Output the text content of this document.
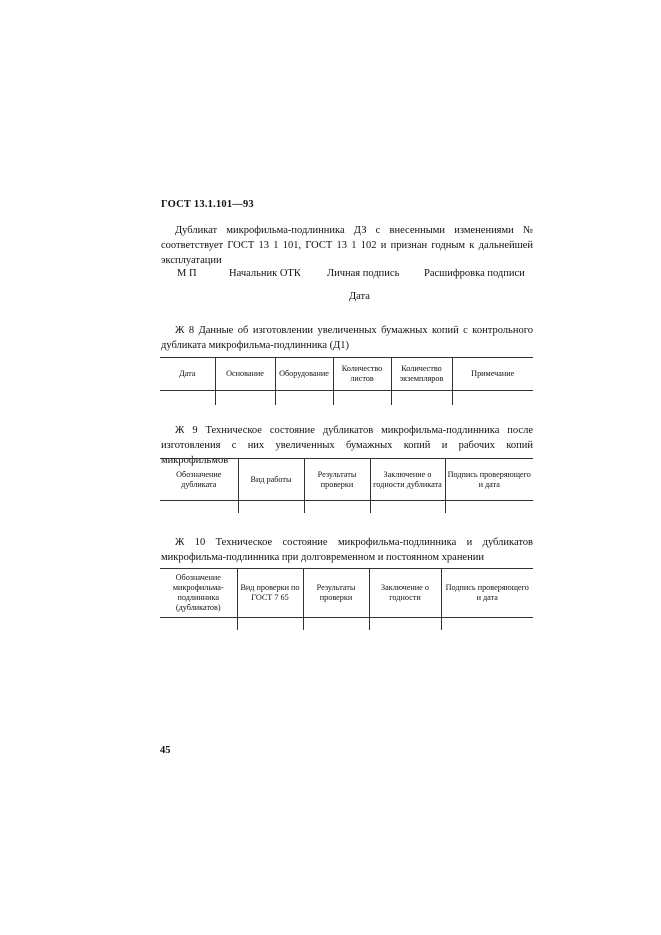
ГОСТ 13.1.101—93
Дубликат микрофильма-подлинника ДЗ с внесенными изменениями № соответствует ГОСТ 13 1 101, ГОСТ 13 1 102 и признан годным к дальнейшей эксплуатации
М П	Начальник ОТК Личная подпись Расшифровка подписи
Дата
Ж 8 Данные об изготовлении увеличенных бумажных копий с контрольного дубликата микрофильма-подлинника (Д1)
Дата	Основание	Оборудование	Количество листов	Количество экземпляров	Примечание

Ж 9 Техническое состояние дубликатов микрофильма-подлинника после изготовления с них увеличенных бумажных копий и рабочих копий микрофильмов
Обозначение дубликата	Вид работы	Результаты проверки	Заключение о годности дубликата	Подпись проверяющего и дата

Ж 10 Техническое состояние микрофильма-подлинника и дубликатов микрофильма-подлинника при долговременном и постоянном хранении
Обозначение микрофильма-подлинника (дубликатов)	Вид проверки по ГОСТ 7 65	Результаты проверки	Заключение о годности	Подпись проверяющего и дата

45
